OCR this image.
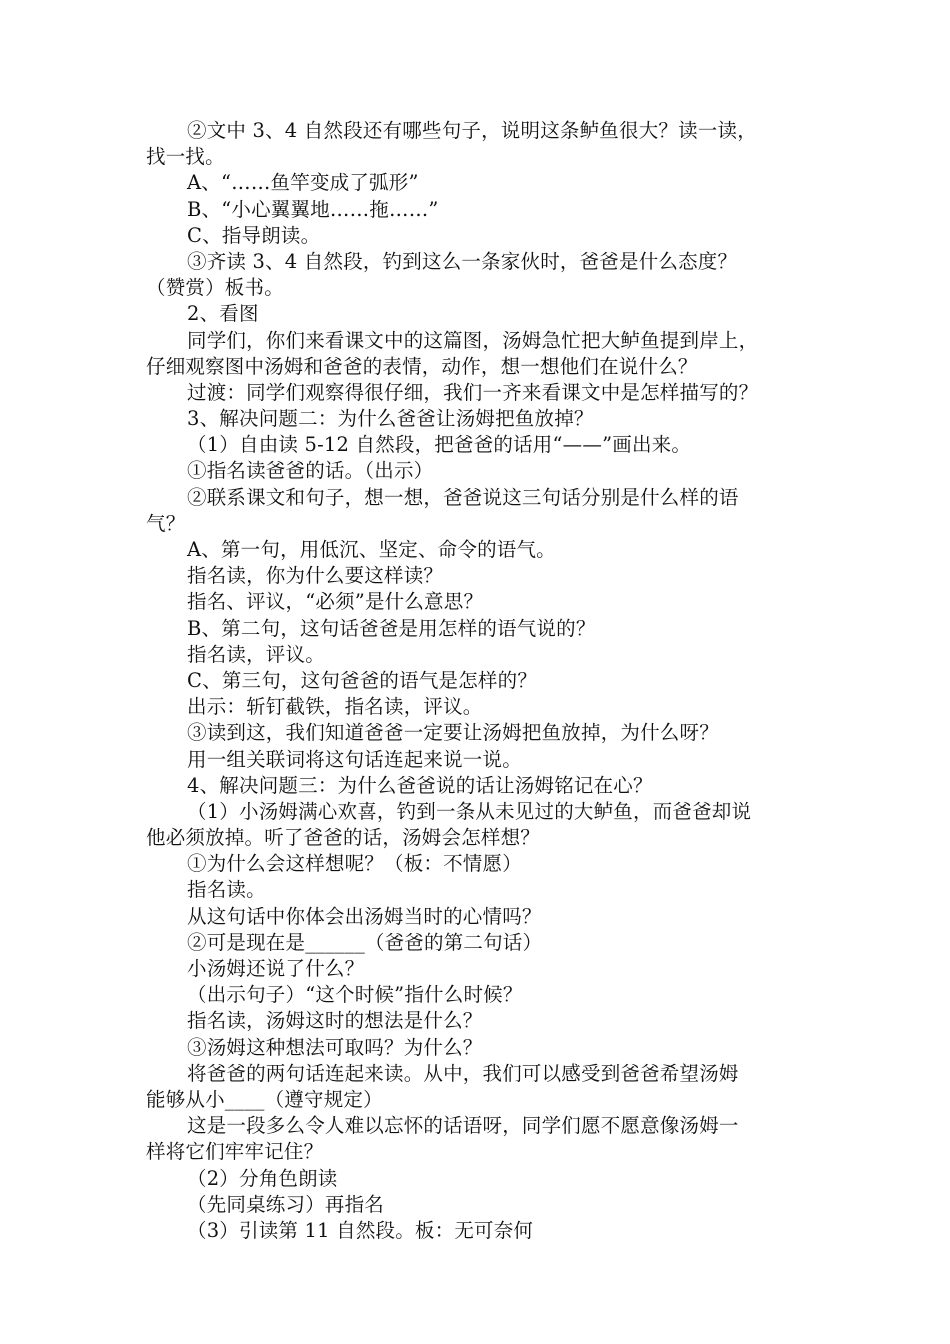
②文中 3、4 自然段还有哪些句子，说明这条鲈鱼很大？读一读，
找一找。
A、“……鱼竿变成了弧形”
B、“小心翼翼地……拖……”
C、指导朗读。
③齐读 3、4 自然段，钓到这么一条家伙时，爸爸是什么态度？
（赞赏）板书。
2、看图
同学们，你们来看课文中的这篇图，汤姆急忙把大鲈鱼提到岸上，
仔细观察图中汤姆和爸爸的表情，动作，想一想他们在说什么？
过渡：同学们观察得很仔细，我们一齐来看课文中是怎样描写的？
3、解决问题二：为什么爸爸让汤姆把鱼放掉？
（1）自由读 5-12 自然段，把爸爸的话用“——”画出来。
①指名读爸爸的话。（出示）
②联系课文和句子，想一想，爸爸说这三句话分别是什么样的语
气？
A、第一句，用低沉、坚定、命令的语气。
指名读，你为什么要这样读？
指名、评议，“必须”是什么意思？
B、第二句，这句话爸爸是用怎样的语气说的？
指名读，评议。
C、第三句，这句爸爸的语气是怎样的？
出示：斩钉截铁，指名读，评议。
③读到这，我们知道爸爸一定要让汤姆把鱼放掉，为什么呀？
用一组关联词将这句话连起来说一说。
4、解决问题三：为什么爸爸说的话让汤姆铭记在心？
（1）小汤姆满心欢喜，钓到一条从未见过的大鲈鱼，而爸爸却说
他必须放掉。听了爸爸的话，汤姆会怎样想？
①为什么会这样想呢？（板：不情愿）
指名读。
从这句话中你体会出汤姆当时的心情吗？
②可是现在是______（爸爸的第二句话）
小汤姆还说了什么？
（出示句子）“这个时候”指什么时候？
指名读，汤姆这时的想法是什么？
③汤姆这种想法可取吗？为什么？
将爸爸的两句话连起来读。从中，我们可以感受到爸爸希望汤姆
能够从小____（遵守规定）
这是一段多么令人难以忘怀的话语呀，同学们愿不愿意像汤姆一
样将它们牢牢记住？
（2）分角色朗读
（先同桌练习）再指名
（3）引读第 11 自然段。板：无可奈何
